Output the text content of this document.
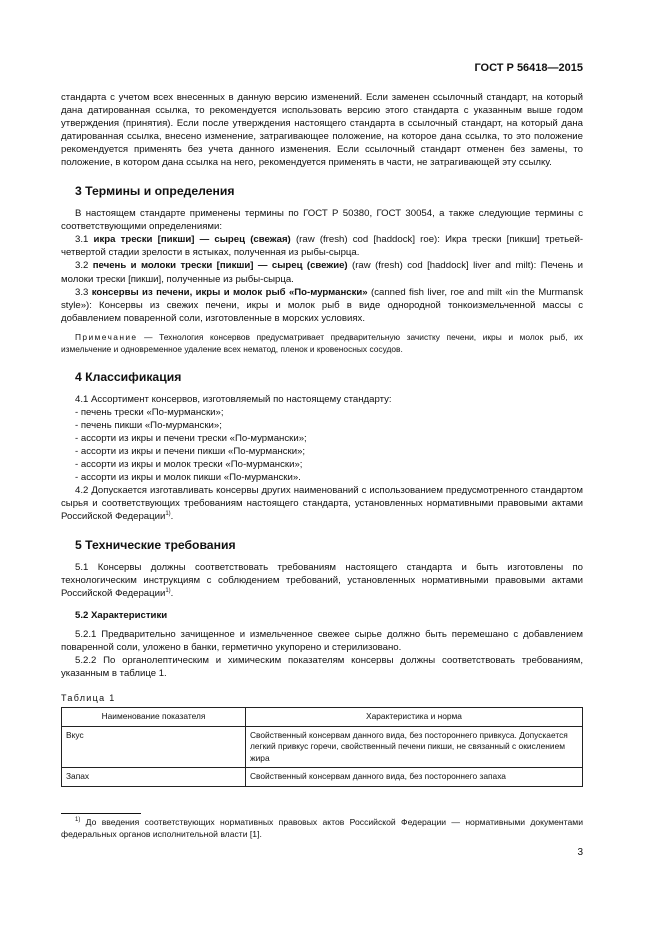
ГОСТ Р 56418—2015

стандарта с учетом всех внесенных в данную версию изменений. Если заменен ссылочный стандарт, на который дана датированная ссылка, то рекомендуется использовать версию этого стандарта с указанным выше годом утверждения (принятия). Если после утверждения настоящего стандарта в ссылочный стандарт, на который дана датированная ссылка, внесено изменение, затрагивающее положение, на которое дана ссылка, то это положение рекомендуется применять без учета данного изменения. Если ссылочный стандарт отменен без замены, то положение, в котором дана ссылка на него, рекомендуется применять в части, не затрагивающей эту ссылку.

3 Термины и определения

В настоящем стандарте применены термины по ГОСТ Р 50380, ГОСТ 30054, а также следующие термины с соответствующими определениями:

3.1 икра трески [пикши] — сырец (свежая) (raw (fresh) cod [haddock] roe): Икра трески [пикши] третьей-четвертой стадии зрелости в ястыках, полученная из рыбы-сырца.

3.2 печень и молоки трески [пикши] — сырец (свежие) (raw (fresh) cod [haddock] liver and milt): Печень и молоки трески [пикши], полученные из рыбы-сырца.

3.3 консервы из печени, икры и молок рыб «По-мурмански» (canned fish liver, roe and milt «in the Murmansk style»): Консервы из свежих печени, икры и молок рыб в виде однородной тонкоизмельченной массы с добавлением поваренной соли, изготовленные в морских условиях.

Примечание — Технология консервов предусматривает предварительную зачистку печени, икры и молок рыб, их измельчение и одновременное удаление всех нематод, пленок и кровеносных сосудов.

4 Классификация

4.1 Ассортимент консервов, изготовляемый по настоящему стандарту:

- печень трески «По-мурмански»;

- печень пикши «По-мурмански»;

- ассорти из икры и печени трески «По-мурмански»;

- ассорти из икры и печени пикши «По-мурмански»;

- ассорти из икры и молок трески «По-мурмански»;

- ассорти из икры и молок пикши «По-мурмански».

4.2 Допускается изготавливать консервы других наименований с использованием предусмотренного стандартом сырья и соответствующих требованиям настоящего стандарта, установленных нормативными правовыми актами Российской Федерации$^{1)}$.

5 Технические требования

5.1 Консервы должны соответствовать требованиям настоящего стандарта и быть изготовлены по технологическим инструкциям с соблюдением требований, установленных нормативными правовыми актами Российской Федерации$^{1)}$.

5.2 Характеристики

5.2.1 Предварительно зачищенное и измельченное свежее сырье должно быть перемешано с добавлением поваренной соли, уложено в банки, герметично укупорено и стерилизовано.

5.2.2 По органолептическим и химическим показателям консервы должны соответствовать требованиям, указанным в таблице 1.

Таблица 1
Наименование показателя	Характеристика и норма
Вкус	Свойственный консервам данного вида, без постороннего привкуса. Допускается легкий привкус горечи, свойственный печени пикши, не связанный с окислением жира
Запах	Свойственный консервам данного вида, без постороннего запаха

$^{1)}$ До введения соответствующих нормативных правовых актов Российской Федерации — нормативными документами федеральных органов исполнительной власти [1].

3
